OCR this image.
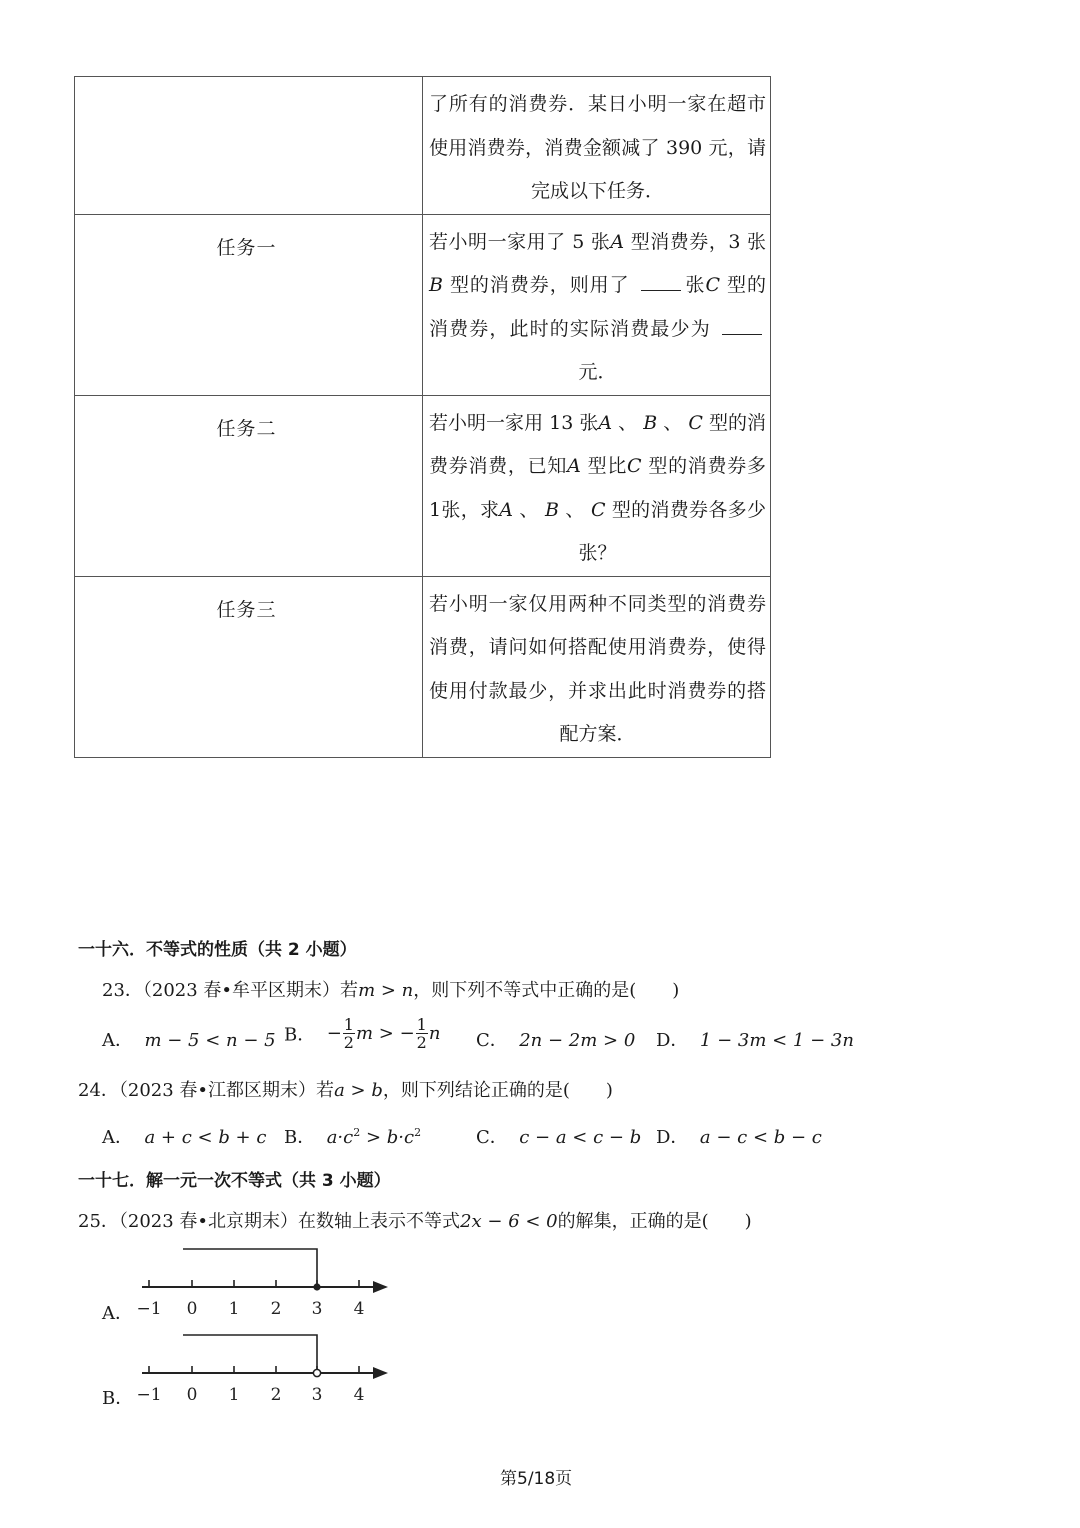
	了所有的消费券．某日小明一家在超市使用消费券，消费金额减了 390 元，请完成以下任务．

任务一	若小明一家用了 5 张A 型消费券，3 张B 型的消费券，则用了 张C 型的消费券，此时的实际消费最少为 元．

任务二	若小明一家用 13 张A 、 B 、 C 型的消费券消费，已知A 型比C 型的消费券多1张，求A 、 B 、 C 型的消费券各多少张？

任务三	若小明一家仅用两种不同类型的消费券消费，请问如何搭配使用消费券，使得使用付款最少，并求出此时消费券的搭配方案．
一十六．不等式的性质（共 2 小题）
23．（2023 春•牟平区期末）若m > n，则下列不等式中正确的是(　　)
A． m − 5 < n − 5 B． − $\frac{1}{2}$ m > − $\frac{1}{2}$ n C． 2n − 2m > 0 D． 1 − 3m < 1 − 3n
24．（2023 春•江都区期末）若a > b，则下列结论正确的是(　　)
A． a + c < b + c B． $a\cdot c^2 > b\cdot c^2$	C． c − a < c − b D． a − c < b − c
一十七．解一元一次不等式（共 3 小题）
25．（2023 春•北京期末）在数轴上表示不等式2x − 6 < 0的解集，正确的是(　　)
A． −1 0 1 2 3 4
B． −1 0 1 2 3 4
第5/18页
